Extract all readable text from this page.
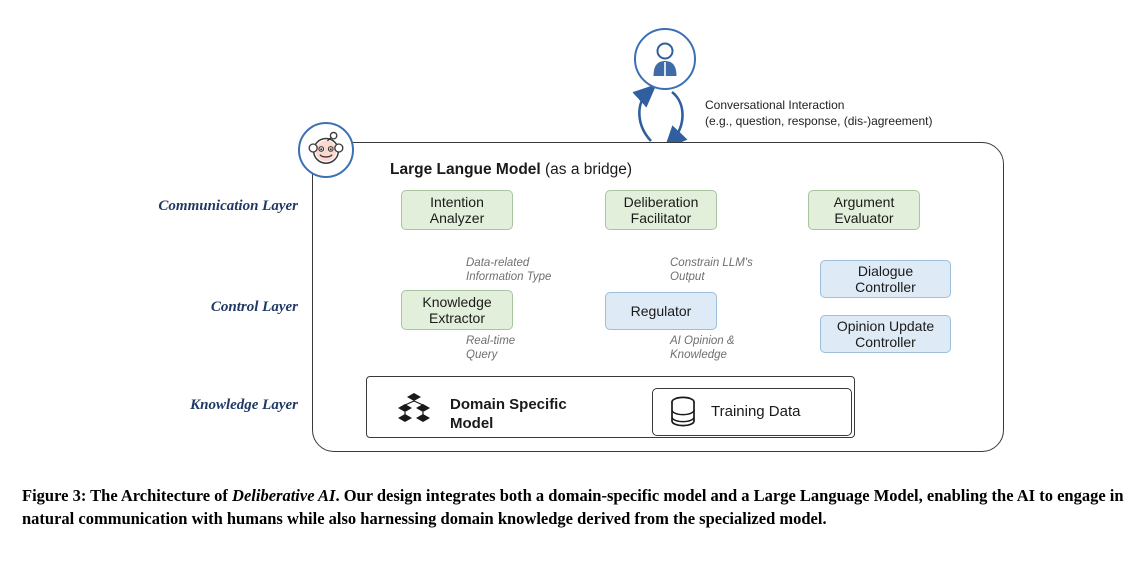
Conversational Interaction
(e.g., question, response, (dis-)agreement)
Large Langue Model (as a bridge)
Communication Layer
Control Layer
Knowledge Layer
Intention
Analyzer
Deliberation
Facilitator
Argument
Evaluator
Knowledge
Extractor	Regulator
Dialogue
Controller
Opinion Update
Controller
Domain Specific
Model
Training Data
Data-related
Information Type
Constrain LLM's
Output
Real-time
Query
AI Opinion &
Knowledge
Figure 3: The Architecture of Deliberative AI. Our design integrates both a domain-specific model and a Large Language Model, enabling the AI to engage in natural communication with humans while also harnessing domain knowledge derived from the specialized model.
